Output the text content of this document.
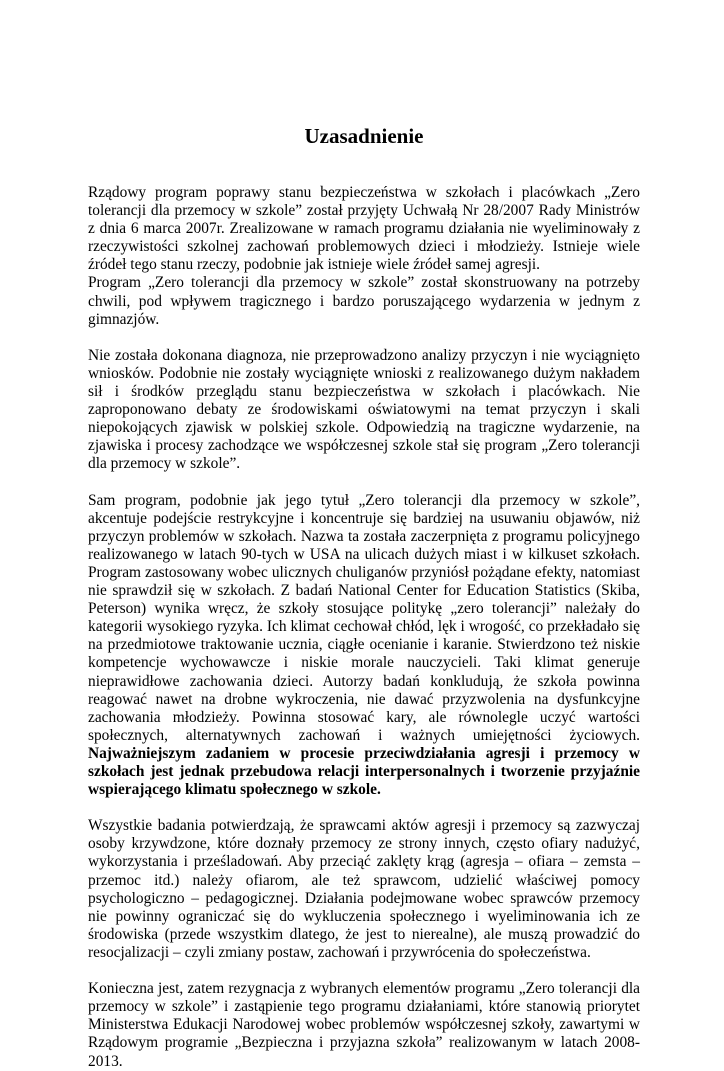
Uzasadnienie

Rządowy program poprawy stanu bezpieczeństwa w szkołach i placówkach „Zero tolerancji dla przemocy w szkole” został przyjęty Uchwałą Nr 28/2007 Rady Ministrów z dnia 6 marca 2007r. Zrealizowane w ramach programu działania nie wyeliminowały z rzeczywistości szkolnej zachowań problemowych dzieci i młodzieży. Istnieje wiele źródeł tego stanu rzeczy, podobnie jak istnieje wiele źródeł samej agresji.

Program „Zero tolerancji dla przemocy w szkole” został skonstruowany na potrzeby chwili, pod wpływem tragicznego i bardzo poruszającego wydarzenia w jednym z gimnazjów.

Nie została dokonana diagnoza, nie przeprowadzono analizy przyczyn i nie wyciągnięto wniosków. Podobnie nie zostały wyciągnięte wnioski z realizowanego dużym nakładem sił i środków przeglądu stanu bezpieczeństwa w szkołach i placówkach. Nie zaproponowano debaty ze środowiskami oświatowymi na temat przyczyn i skali niepokojących zjawisk w polskiej szkole. Odpowiedzią na tragiczne wydarzenie, na zjawiska i procesy zachodzące we współczesnej szkole stał się program „Zero tolerancji dla przemocy w szkole”.

Sam program, podobnie jak jego tytuł „Zero tolerancji dla przemocy w szkole”, akcentuje podejście restrykcyjne i koncentruje się bardziej na usuwaniu objawów, niż przyczyn problemów w szkołach. Nazwa ta została zaczerpnięta z programu policyjnego realizowanego w latach 90-tych w USA na ulicach dużych miast i w kilkuset szkołach. Program zastosowany wobec ulicznych chuliganów przyniósł pożądane efekty, natomiast nie sprawdził się w szkołach. Z badań National Center for Education Statistics (Skiba, Peterson) wynika wręcz, że szkoły stosujące politykę „zero tolerancji” należały do kategorii wysokiego ryzyka. Ich klimat cechował chłód, lęk i wrogość, co przekładało się na przedmiotowe traktowanie ucznia, ciągłe ocenianie i karanie. Stwierdzono też niskie kompetencje wychowawcze i niskie morale nauczycieli. Taki klimat generuje nieprawidłowe zachowania dzieci. Autorzy badań konkludują, że szkoła powinna reagować nawet na drobne wykroczenia, nie dawać przyzwolenia na dysfunkcyjne zachowania młodzieży. Powinna stosować kary, ale równolegle uczyć wartości społecznych, alternatywnych zachowań i ważnych umiejętności życiowych. Najważniejszym zadaniem w procesie przeciwdziałania agresji i przemocy w szkołach jest jednak przebudowa relacji interpersonalnych i tworzenie przyjaźnie wspierającego klimatu społecznego w szkole.

Wszystkie badania potwierdzają, że sprawcami aktów agresji i przemocy są zazwyczaj osoby krzywdzone, które doznały przemocy ze strony innych, często ofiary nadużyć, wykorzystania i prześladowań. Aby przeciąć zaklęty krąg (agresja – ofiara – zemsta – przemoc itd.) należy ofiarom, ale też sprawcom, udzielić właściwej pomocy psychologiczno – pedagogicznej. Działania podejmowane wobec sprawców przemocy nie powinny ograniczać się do wykluczenia społecznego i wyeliminowania ich ze środowiska (przede wszystkim dlatego, że jest to nierealne), ale muszą prowadzić do resocjalizacji – czyli zmiany postaw, zachowań i przywrócenia do społeczeństwa.

Konieczna jest, zatem rezygnacja z wybranych elementów programu „Zero tolerancji dla przemocy w szkole” i zastąpienie tego programu działaniami, które stanowią priorytet Ministerstwa Edukacji Narodowej wobec problemów współczesnej szkoły, zawartymi w Rządowym programie „Bezpieczna i przyjazna szkoła” realizowanym w latach 2008-2013.
